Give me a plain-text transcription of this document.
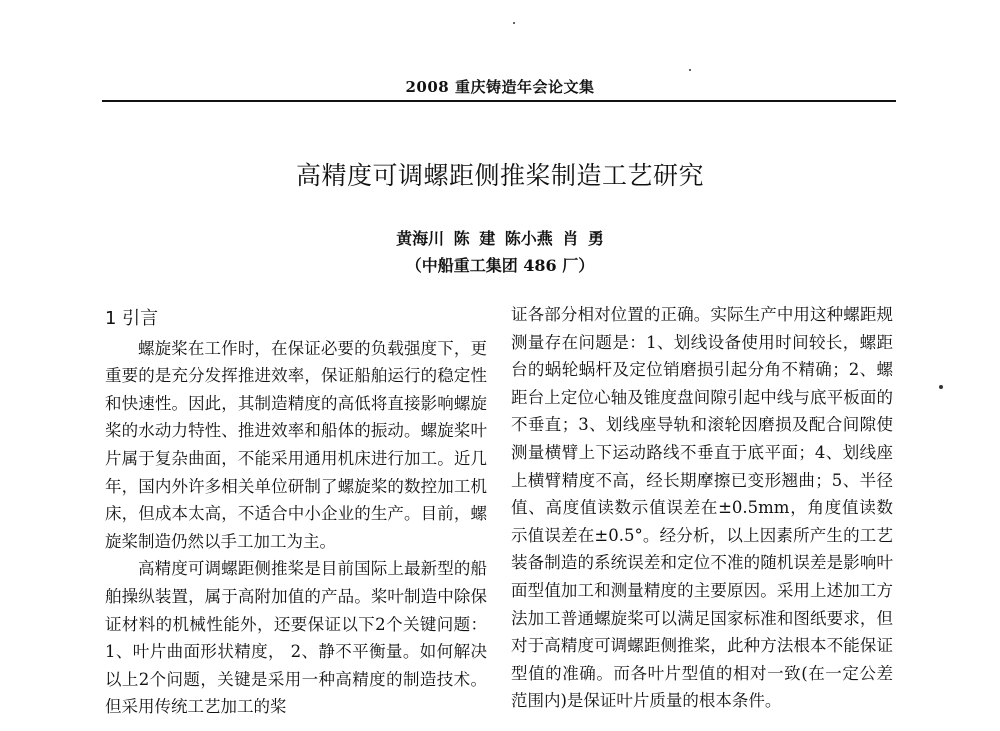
2008 重庆铸造年会论文集
高精度可调螺距侧推桨制造工艺研究
黄海川 陈 建 陈小燕 肖 勇
（中船重工集团 486 厂）
1 引言

螺旋桨在工作时，在保证必要的负载强度下，更重要的是充分发挥推进效率，保证船舶运行的稳定性和快速性。因此，其制造精度的高低将直接影响螺旋桨的水动力特性、推进效率和船体的振动。螺旋桨叶片属于复杂曲面，不能采用通用机床进行加工。近几年，国内外许多相关单位研制了螺旋桨的数控加工机床，但成本太高，不适合中小企业的生产。目前，螺旋桨制造仍然以手工加工为主。

高精度可调螺距侧推桨是目前国际上最新型的船舶操纵装置，属于高附加值的产品。桨叶制造中除保证材料的机械性能外，还要保证以下2个关键问题：1、叶片曲面形状精度， 2、静不平衡量。如何解决以上2个问题，关键是采用一种高精度的制造技术。但采用传统工艺加工的桨

证各部分相对位置的正确。实际生产中用这种螺距规测量存在问题是：1、划线设备使用时间较长，螺距台的蜗轮蜗杆及定位销磨损引起分角不精确；2、螺距台上定位心轴及锥度盘间隙引起中线与底平板面的不垂直；3、划线座导轨和滚轮因磨损及配合间隙使测量横臂上下运动路线不垂直于底平面；4、划线座上横臂精度不高，经长期摩擦已变形翘曲；5、半径值、高度值读数示值误差在±0.5mm，角度值读数示值误差在±0.5°。经分析，以上因素所产生的工艺装备制造的系统误差和定位不准的随机误差是影响叶面型值加工和测量精度的主要原因。采用上述加工方法加工普通螺旋桨可以满足国家标准和图纸要求，但对于高精度可调螺距侧推桨，此种方法根本不能保证型值的准确。而各叶片型值的相对一致(在一定公差范围内)是保证叶片质量的根本条件。
